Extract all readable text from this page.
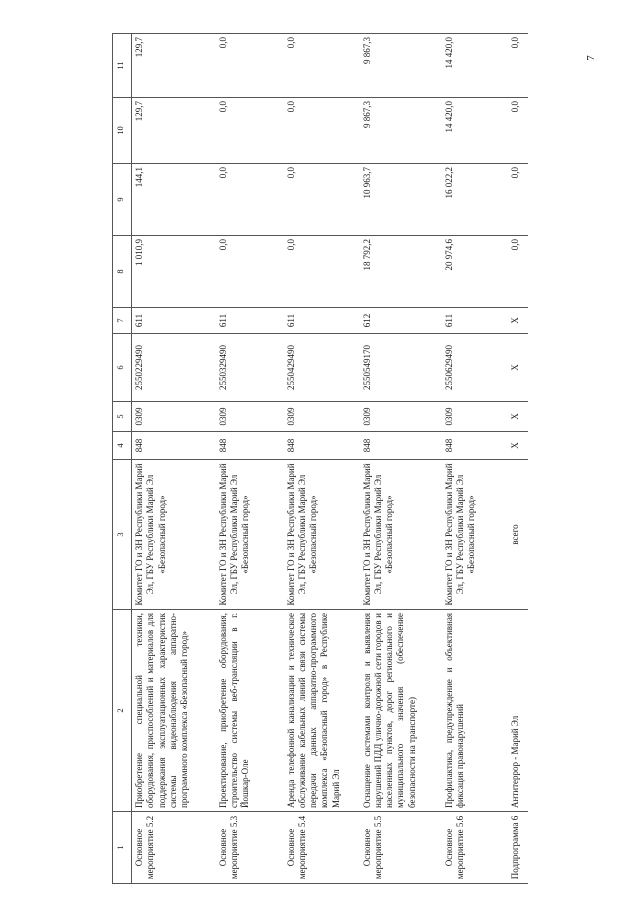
7
1	2	3	4	5	6	7	8	9	10	11
Основное мероприятие 5.2	Приобретение специальной техники, оборудования, приспособлений и материалов для поддержания эксплуатационных характеристик системы видеонаблюдения аппаратно-программного комплекса «Безопасный город»	Комитет ГО и ЗН Республики Марий Эл, ГБУ Республики Марий Эл «Безопасный город»	848	0309	2550229490	611	1 010,9	144,1	129,7	129,7
Основное мероприятие 5.3	Проектирование, приобретение оборудования, строительство системы веб-трансляции в г. Йошкар-Оле	Комитет ГО и ЗН Республики Марий Эл, ГБУ Республики Марий Эл «Безопасный город»	848	0309	2550329490	611	0,0	0,0	0,0	0,0
Основное мероприятие 5.4	Аренда телефонной канализации и техническое обслуживание кабельных линий связи системы передачи данных аппаратно-программного комплекса «Безопасный город» в Республике Марий Эл	Комитет ГО и ЗН Республики Марий Эл, ГБУ Республики Марий Эл «Безопасный город»	848	0309	2550429490	611	0,0	0,0	0,0	0,0
Основное мероприятие 5.5	Оснащение системами контроля и выявления нарушений ПДД улично-дорожной сети городов и населенных пунктов, дорог регионального и муниципального значения (обеспечение безопасности на транспорте)	Комитет ГО и ЗН Республики Марий Эл, ГБУ Республики Марий Эл «Безопасный город»	848	0309	2550549170	612	18 792,2	10 963,7	9 867,3	9 867,3
Основное мероприятие 5.6	Профилактика, предупреждение и объективная фиксация правонарушений	Комитет ГО и ЗН Республики Марий Эл, ГБУ Республики Марий Эл «Безопасный город»	848	0309	2550629490	611	20 974,6	16 022,2	14 420,0	14 420,0
Подпрограмма 6	Антитеррор - Марий Эл	всего	X	X	X	X	0,0	0,0	0,0	0,0
